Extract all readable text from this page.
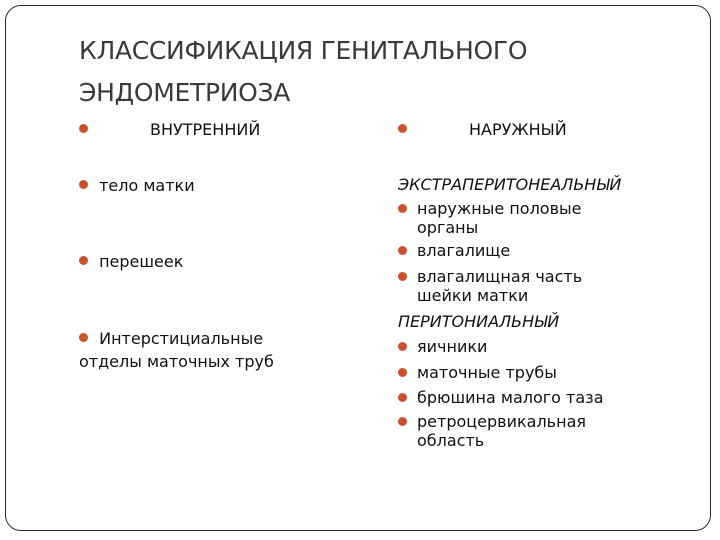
КЛАССИФИКАЦИЯ ГЕНИТАЛЬНОГО
ЭНДОМЕТРИОЗА
ВНУТРЕННИЙ
тело матки
перешеек
Интерстициальные
отделы маточных труб
НАРУЖНЫЙ
ЭКСТРАПЕРИТОНЕАЛЬНЫЙ
наружные половые органы
влагалище
влагалищная часть шейки матки
ПЕРИТОНИАЛЬНЫЙ
яичники
маточные трубы
брюшина малого таза
ретроцервикальная область
